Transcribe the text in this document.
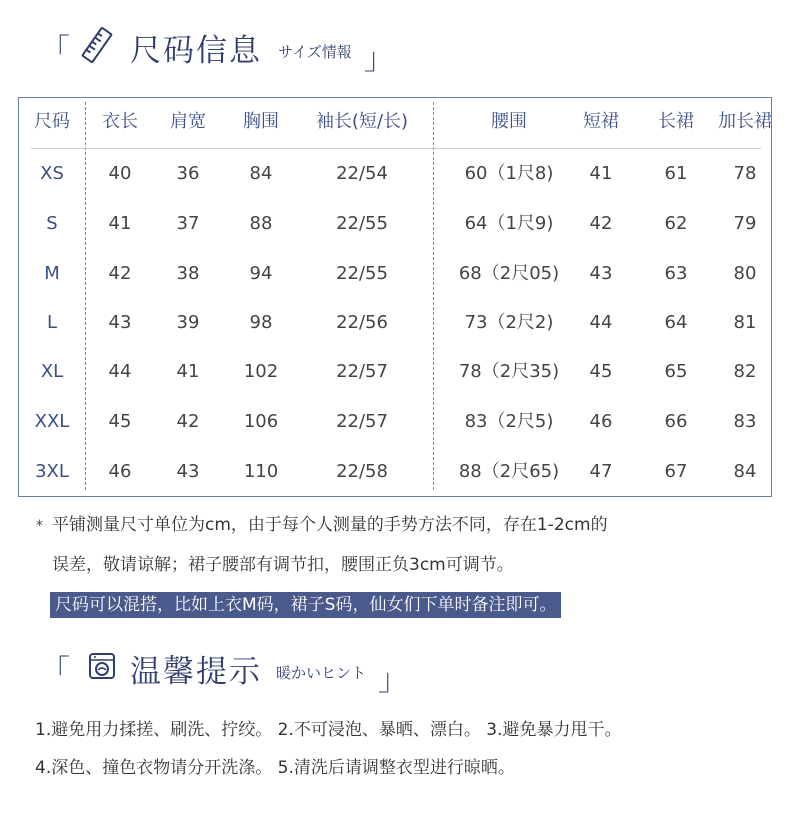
「 尺码信息 サイズ情報 」
尺码	衣长	肩宽	胸围	袖长(短/长)	腰围	短裙	长裙	加长裙
XS	40	36	84	22/54	60（1尺8)	41	61	78
S	41	37	88	22/55	64（1尺9)	42	62	79
M	42	38	94	22/55	68（2尺05)	43	63	80
L	43	39	98	22/56	73（2尺2)	44	64	81
XL	44	41	102	22/57	78（2尺35)	45	65	82
XXL	45	42	106	22/57	83（2尺5)	46	66	83
3XL	46	43	110	22/58	88（2尺65)	47	67	84
* 平铺测量尺寸单位为cm，由于每个人测量的手势方法不同，存在1-2cm的
误差，敬请谅解；裙子腰部有调节扣，腰围正负3cm可调节。
尺码可以混搭，比如上衣M码，裙子S码，仙女们下单时备注即可。
「 温馨提示 暖かいヒント 」
1.避免用力揉搓、刷洗、拧绞。 2.不可浸泡、暴晒、漂白。 3.避免暴力甩干。
4.深色、撞色衣物请分开洗涤。 5.清洗后请调整衣型进行晾晒。
